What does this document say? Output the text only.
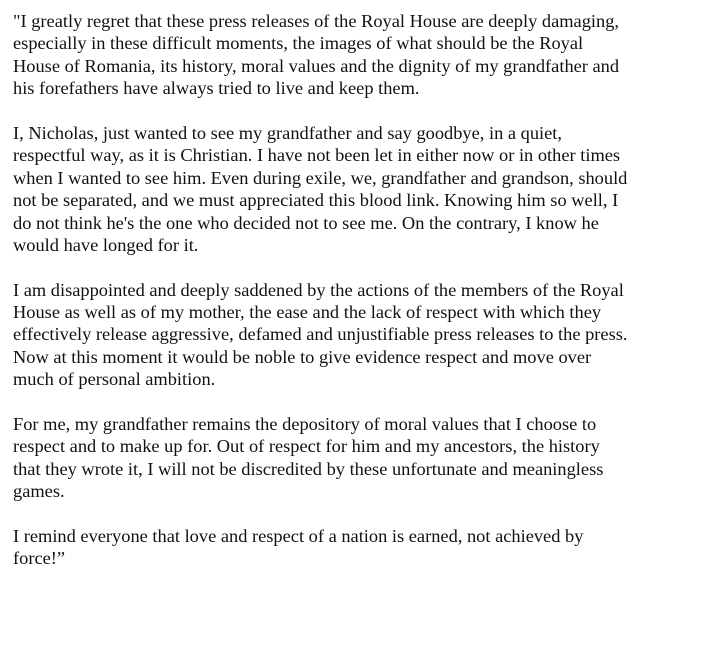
"I greatly regret that these press releases of the Royal House are deeply damaging,
especially in these difficult moments, the images of what should be the Royal
House of Romania, its history, moral values and the dignity of my grandfather and
his forefathers have always tried to live and keep them.

I, Nicholas, just wanted to see my grandfather and say goodbye, in a quiet,
respectful way, as it is Christian. I have not been let in either now or in other times
when I wanted to see him. Even during exile, we, grandfather and grandson, should
not be separated, and we must appreciated this blood link. Knowing him so well, I
do not think he's the one who decided not to see me. On the contrary, I know he
would have longed for it.

I am disappointed and deeply saddened by the actions of the members of the Royal
House as well as of my mother, the ease and the lack of respect with which they
effectively release aggressive, defamed and unjustifiable press releases to the press.
Now at this moment it would be noble to give evidence respect and move over
much of personal ambition.

For me, my grandfather remains the depository of moral values that I choose to
respect and to make up for. Out of respect for him and my ancestors, the history
that they wrote it, I will not be discredited by these unfortunate and meaningless
games.

I remind everyone that love and respect of a nation is earned, not achieved by
force!”
